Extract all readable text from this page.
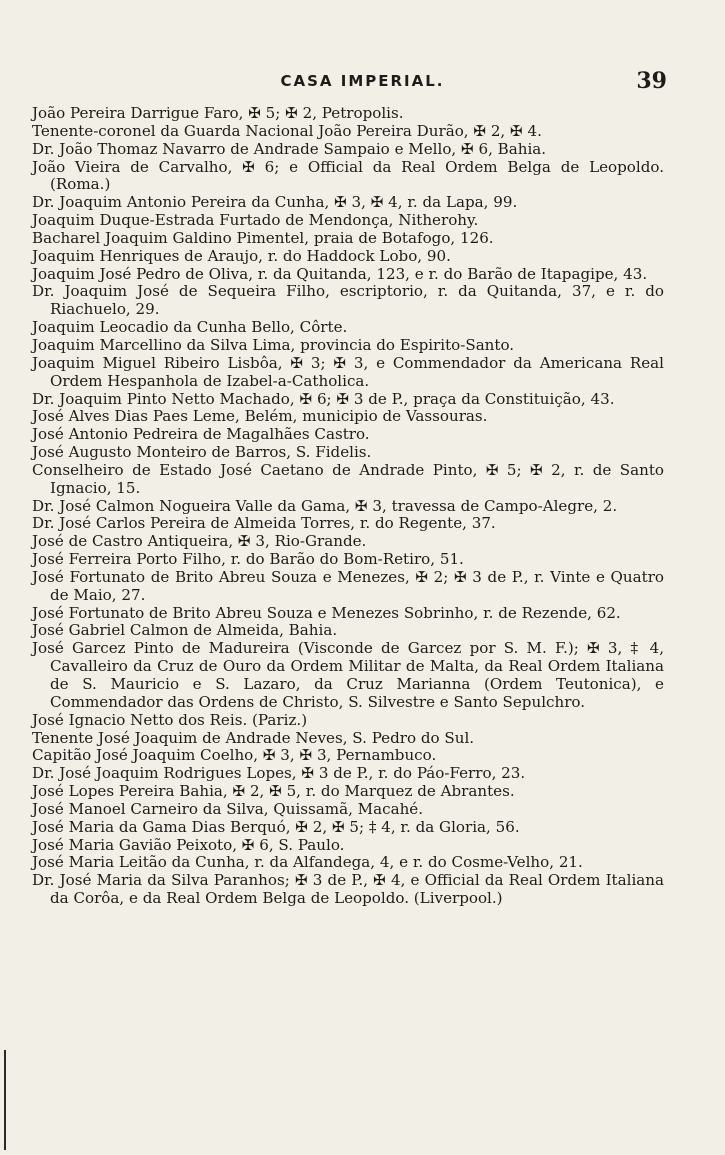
CASA IMPERIAL.	39

João Pereira Darrigue Faro, ✠ 5; ✠ 2, Petropolis.

Tenente-coronel da Guarda Nacional João Pereira Durão, ✠ 2, ✠ 4.

Dr. João Thomaz Navarro de Andrade Sampaio e Mello, ✠ 6, Bahia.

João Vieira de Carvalho, ✠ 6; e Official da Real Ordem Belga de Leopoldo. (Roma.)

Dr. Joaquim Antonio Pereira da Cunha, ✠ 3, ✠ 4, r. da Lapa, 99.

Joaquim Duque-Estrada Furtado de Mendonça, Nitherohy.

Bacharel Joaquim Galdino Pimentel, praia de Botafogo, 126.

Joaquim Henriques de Araujo, r. do Haddock Lobo, 90.

Joaquim José Pedro de Oliva, r. da Quitanda, 123, e r. do Barão de Itapagipe, 43.

Dr. Joaquim José de Sequeira Filho, escriptorio, r. da Quitanda, 37, e r. do Riachuelo, 29.

Joaquim Leocadio da Cunha Bello, Côrte.

Joaquim Marcellino da Silva Lima, provincia do Espirito-Santo.

Joaquim Miguel Ribeiro Lisbôa, ✠ 3; ✠ 3, e Commendador da Americana Real Ordem Hespanhola de Izabel-a-Catholica.

Dr. Joaquim Pinto Netto Machado, ✠ 6; ✠ 3 de P., praça da Constituição, 43.

José Alves Dias Paes Leme, Belém, municipio de Vassouras.

José Antonio Pedreira de Magalhães Castro.

José Augusto Monteiro de Barros, S. Fidelis.

Conselheiro de Estado José Caetano de Andrade Pinto, ✠ 5; ✠ 2, r. de Santo Ignacio, 15.

Dr. José Calmon Nogueira Valle da Gama, ✠ 3, travessa de Campo-Alegre, 2.

Dr. José Carlos Pereira de Almeida Torres, r. do Regente, 37.

José de Castro Antiqueira, ✠ 3, Rio-Grande.

José Ferreira Porto Filho, r. do Barão do Bom-Retiro, 51.

José Fortunato de Brito Abreu Souza e Menezes, ✠ 2; ✠ 3 de P., r. Vinte e Quatro de Maio, 27.

José Fortunato de Brito Abreu Souza e Menezes Sobrinho, r. de Rezende, 62.

José Gabriel Calmon de Almeida, Bahia.

José Garcez Pinto de Madureira (Visconde de Garcez por S. M. F.); ✠ 3, ‡ 4, Cavalleiro da Cruz de Ouro da Ordem Militar de Malta, da Real Ordem Italiana de S. Mauricio e S. Lazaro, da Cruz Marianna (Ordem Teutonica), e Commendador das Ordens de Christo, S. Silvestre e Santo Sepulchro.

José Ignacio Netto dos Reis. (Pariz.)

Tenente José Joaquim de Andrade Neves, S. Pedro do Sul.

Capitão José Joaquim Coelho, ✠ 3, ✠ 3, Pernambuco.

Dr. José Joaquim Rodrigues Lopes, ✠ 3 de P., r. do Páo-Ferro, 23.

José Lopes Pereira Bahia, ✠ 2, ✠ 5, r. do Marquez de Abrantes.

José Manoel Carneiro da Silva, Quissamã, Macahé.

José Maria da Gama Dias Berquó, ✠ 2, ✠ 5; ‡ 4, r. da Gloria, 56.

José Maria Gavião Peixoto, ✠ 6, S. Paulo.

José Maria Leitão da Cunha, r. da Alfandega, 4, e r. do Cosme-Velho, 21.

Dr. José Maria da Silva Paranhos; ✠ 3 de P., ✠ 4, e Official da Real Ordem Italiana da Corôa, e da Real Ordem Belga de Leopoldo. (Liverpool.)
